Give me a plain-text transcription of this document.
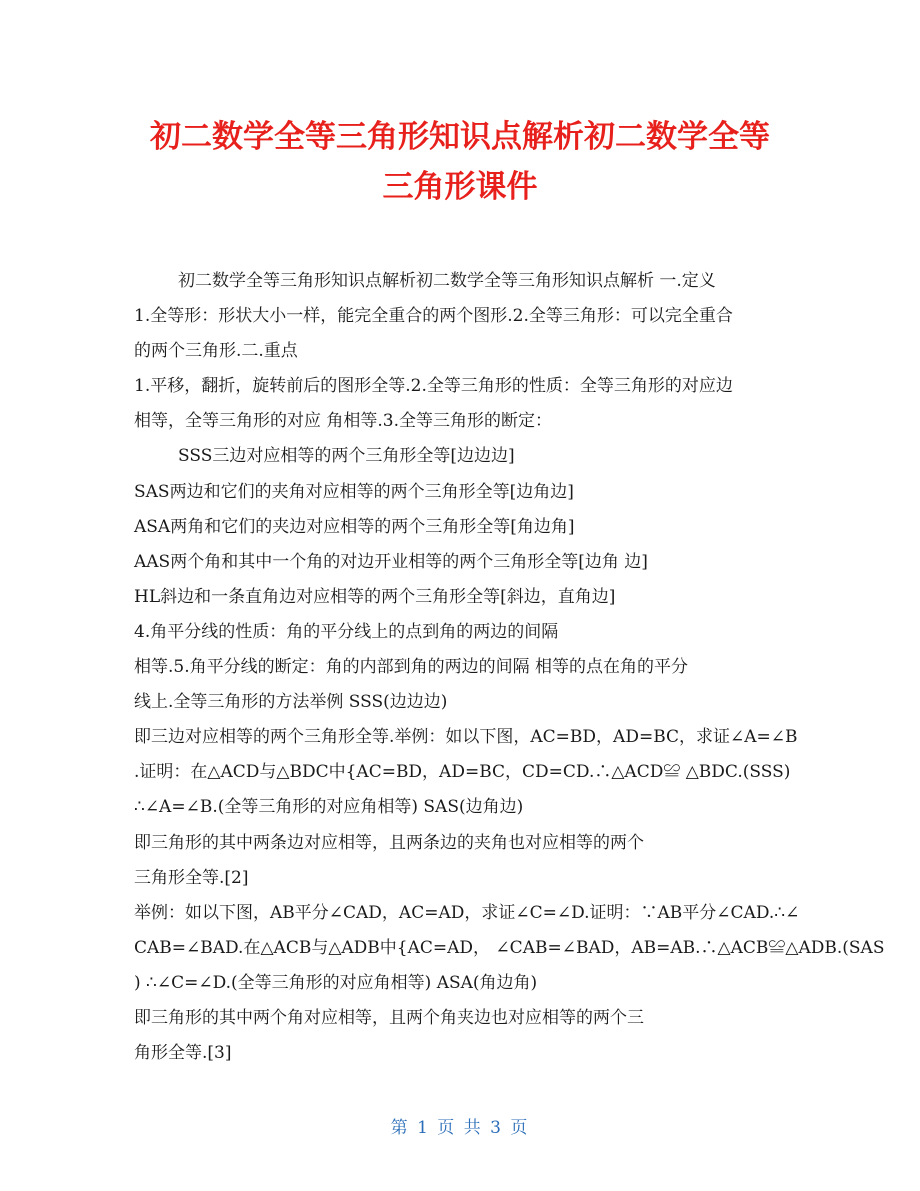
初二数学全等三角形知识点解析初二数学全等
三角形课件
初二数学全等三角形知识点解析初二数学全等三角形知识点解析 一.定义
1.全等形：形状大小一样，能完全重合的两个图形.2.全等三角形：可以完全重合
的两个三角形.二.重点
1.平移，翻折，旋转前后的图形全等.2.全等三角形的性质：全等三角形的对应边
相等，全等三角形的对应 角相等.3.全等三角形的断定：
SSS三边对应相等的两个三角形全等[边边边]
SAS两边和它们的夹角对应相等的两个三角形全等[边角边]
ASA两角和它们的夹边对应相等的两个三角形全等[角边角]
AAS两个角和其中一个角的对边开业相等的两个三角形全等[边角 边]
HL斜边和一条直角边对应相等的两个三角形全等[斜边，直角边]
4.角平分线的性质：角的平分线上的点到角的两边的间隔
相等.5.角平分线的断定：角的内部到角的两边的间隔 相等的点在角的平分
线上.全等三角形的方法举例 SSS(边边边)
即三边对应相等的两个三角形全等.举例：如以下图，AC=BD，AD=BC，求证∠A=∠B
.证明：在△ACD与△BDC中{AC=BD，AD=BC，CD=CD.∴△ACD≌ △BDC.(SSS)
∴∠A=∠B.(全等三角形的对应角相等) SAS(边角边)
即三角形的其中两条边对应相等，且两条边的夹角也对应相等的两个
三角形全等.[2]
举例：如以下图，AB平分∠CAD，AC=AD，求证∠C=∠D.证明：∵AB平分∠CAD.∴∠
CAB=∠BAD.在△ACB与△ADB中{AC=AD， ∠CAB=∠BAD，AB=AB.∴△ACB≌△ADB.(SAS
) ∴∠C=∠D.(全等三角形的对应角相等) ASA(角边角)
即三角形的其中两个角对应相等，且两个角夹边也对应相等的两个三
角形全等.[3]
第 1 页 共 3 页
